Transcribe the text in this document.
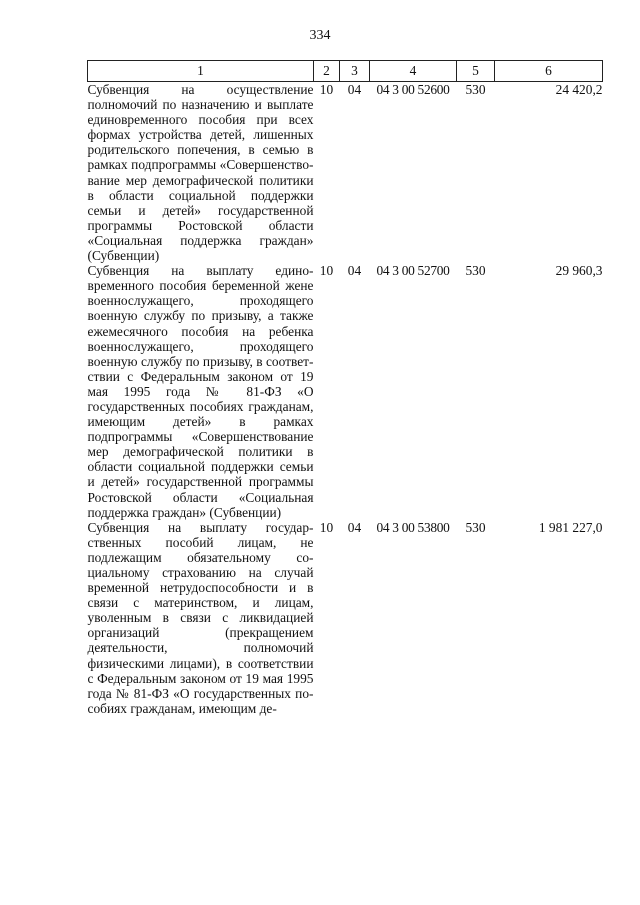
334
1	2	3	4	5	6
Субвенция на осуществление полномочий по назначению и выплате единовременного пособия при всех формах устройства детей, лишенных родительского попечения, в семью в рамках подпрограммы «Совершенствование мер демографической политики в области социальной поддержки семьи и детей» государственной программы Ростовской области «Социальная поддержка граждан» (Субвенции)	10	04	04 3 00 52600	530	24 420,2
Субвенция на выплату единовременного пособия беременной жене военнослужащего, проходящего военную службу по призыву, а также ежемесячного пособия на ребенка военнослужащего, проходящего военную службу по призыву, в соответствии с Федеральным законом от 19 мая 1995 года № 81-ФЗ «О государственных пособиях гражданам, имеющим детей» в рамках подпрограммы «Совершенствование мер демографической политики в области социальной поддержки семьи и детей» государственной программы Ростовской области «Социальная поддержка граждан» (Субвенции)	10	04	04 3 00 52700	530	29 960,3
Субвенция на выплату государственных пособий лицам, не подлежащим обязательному социальному страхованию на случай временной нетрудоспособности и в связи с материнством, и лицам, уволенным в связи с ликвидацией организаций (прекращением деятельности, полномочий физическими лицами), в соответствии с Федеральным законом от 19 мая 1995 года № 81-ФЗ «О государственных пособиях гражданам, имеющим де-	10	04	04 3 00 53800	530	1 981 227,0
